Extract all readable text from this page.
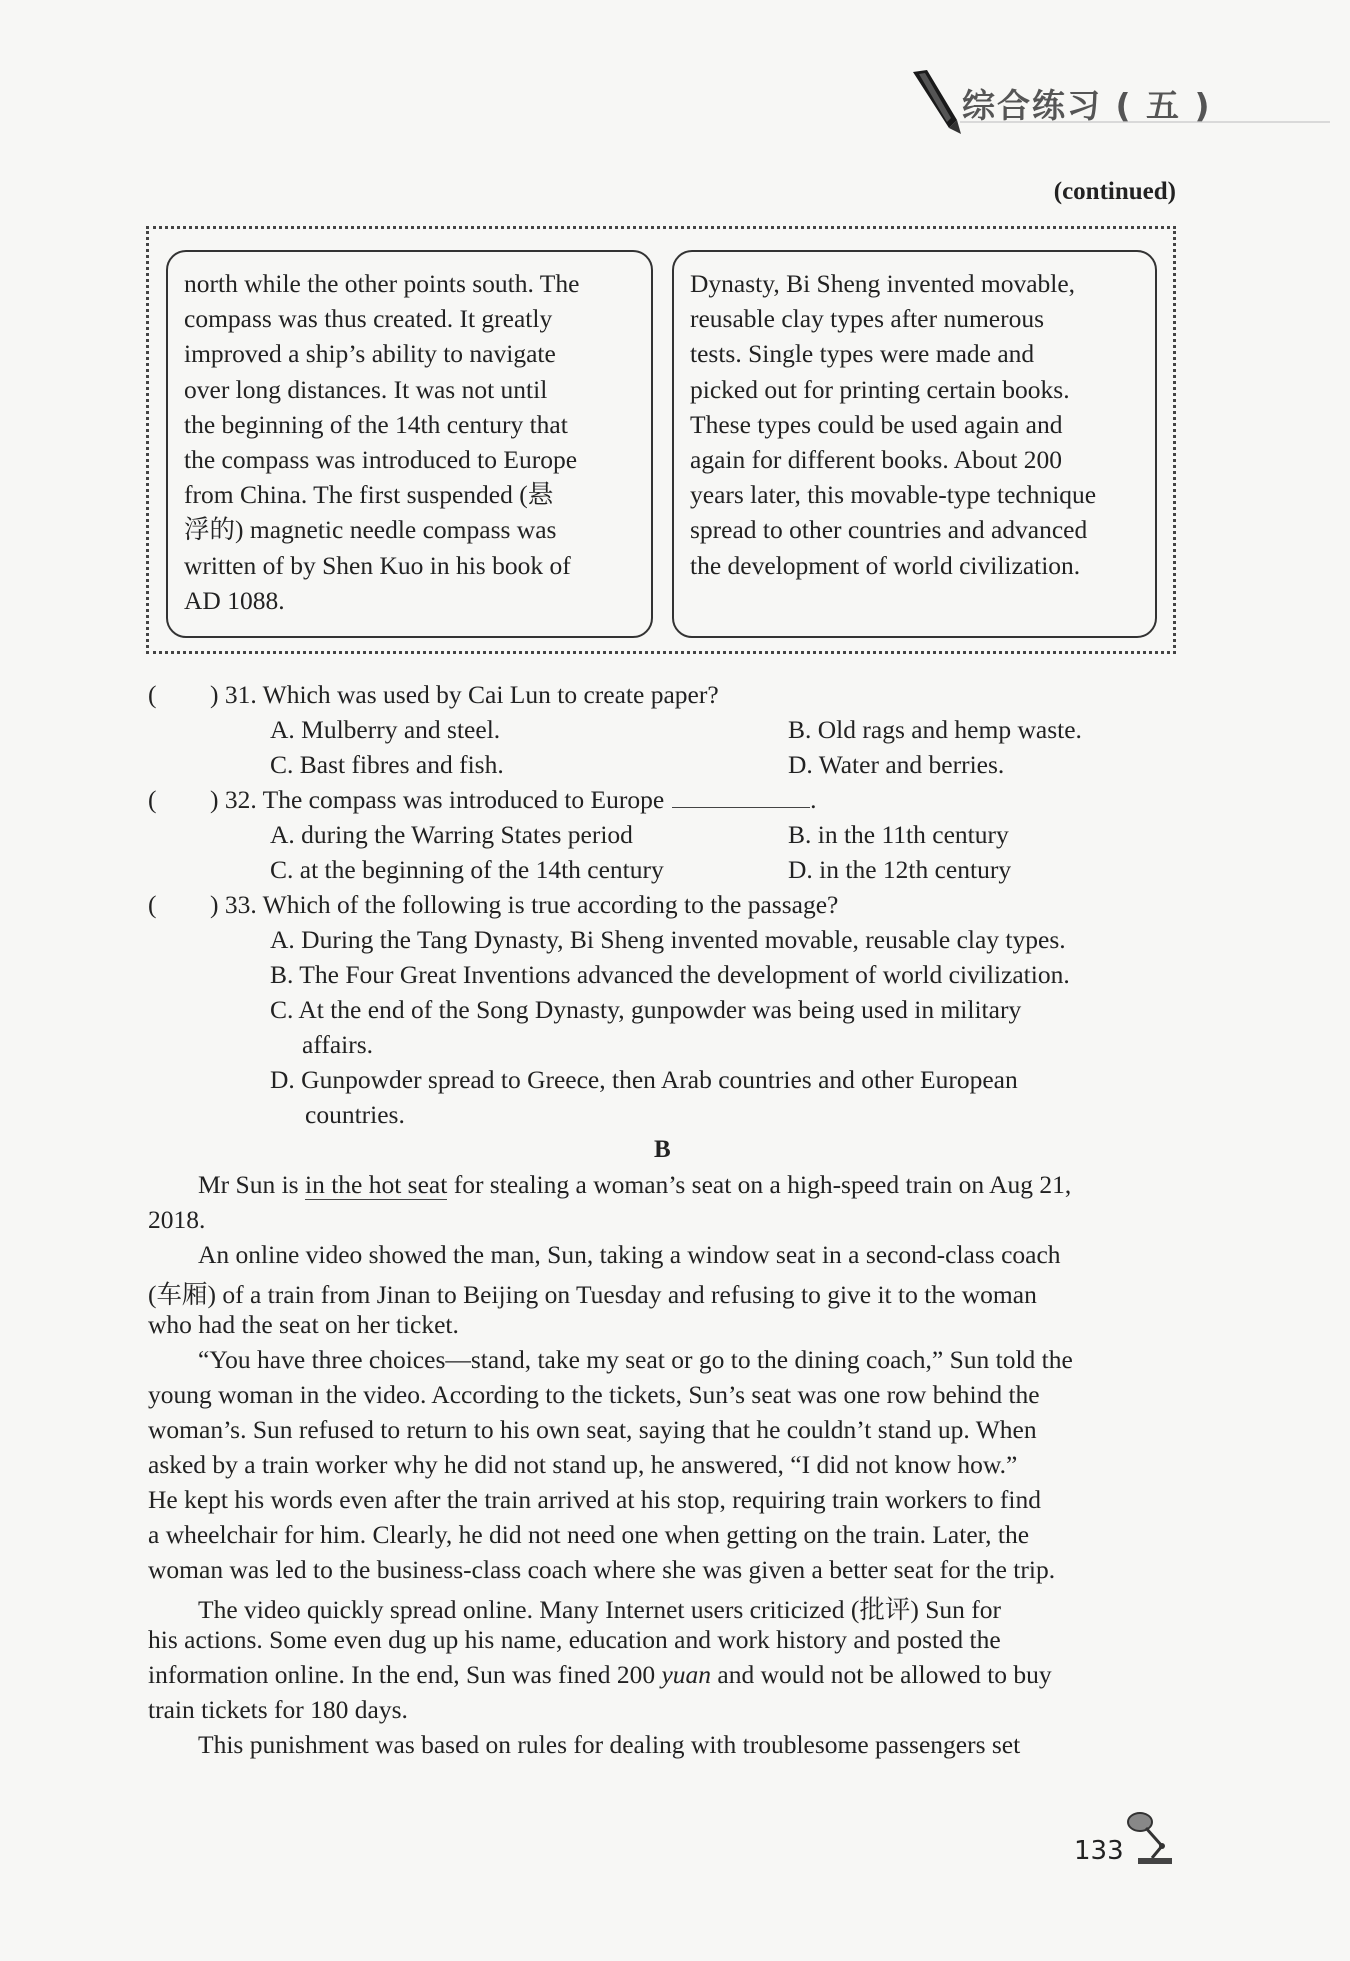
综合练习 ( 五 )
(continued)
north while the other points south. The
compass was thus created. It greatly
improved a ship’s ability to navigate
over long distances. It was not until
the beginning of the 14th century that
the compass was introduced to Europe
from China. The first suspended (悬
浮的) magnetic needle compass was
written of by Shen Kuo in his book of
AD 1088.
Dynasty, Bi Sheng invented movable,
reusable clay types after numerous
tests. Single types were made and
picked out for printing certain books.
These types could be used again and
again for different books. About 200
years later, this movable-type technique
spread to other countries and advanced
the development of world civilization.
( ) 31. Which was used by Cai Lun to create paper?
A. Mulberry and steel.	B. Old rags and hemp waste.
C. Bast fibres and fish.	D. Water and berries.
( ) 32. The compass was introduced to Europe	.
A. during the Warring States period	B. in the 11th century
C. at the beginning of the 14th century	D. in the 12th century
( ) 33. Which of the following is true according to the passage?
A. During the Tang Dynasty, Bi Sheng invented movable, reusable clay types.
B. The Four Great Inventions advanced the development of world civilization.
C. At the end of the Song Dynasty, gunpowder was being used in military
affairs.
D. Gunpowder spread to Greece, then Arab countries and other European
countries.
B
Mr Sun is in the hot seat for stealing a woman’s seat on a high-speed train on Aug 21,
2018.
An online video showed the man, Sun, taking a window seat in a second-class coach
(车厢) of a train from Jinan to Beijing on Tuesday and refusing to give it to the woman
who had the seat on her ticket.
“You have three choices—stand, take my seat or go to the dining coach,” Sun told the
young woman in the video. According to the tickets, Sun’s seat was one row behind the
woman’s. Sun refused to return to his own seat, saying that he couldn’t stand up. When
asked by a train worker why he did not stand up, he answered, “I did not know how.”
He kept his words even after the train arrived at his stop, requiring train workers to find
a wheelchair for him. Clearly, he did not need one when getting on the train. Later, the
woman was led to the business-class coach where she was given a better seat for the trip.
The video quickly spread online. Many Internet users criticized (批评) Sun for
his actions. Some even dug up his name, education and work history and posted the
information online. In the end, Sun was fined 200 yuan and would not be allowed to buy
train tickets for 180 days.
This punishment was based on rules for dealing with troublesome passengers set
133
